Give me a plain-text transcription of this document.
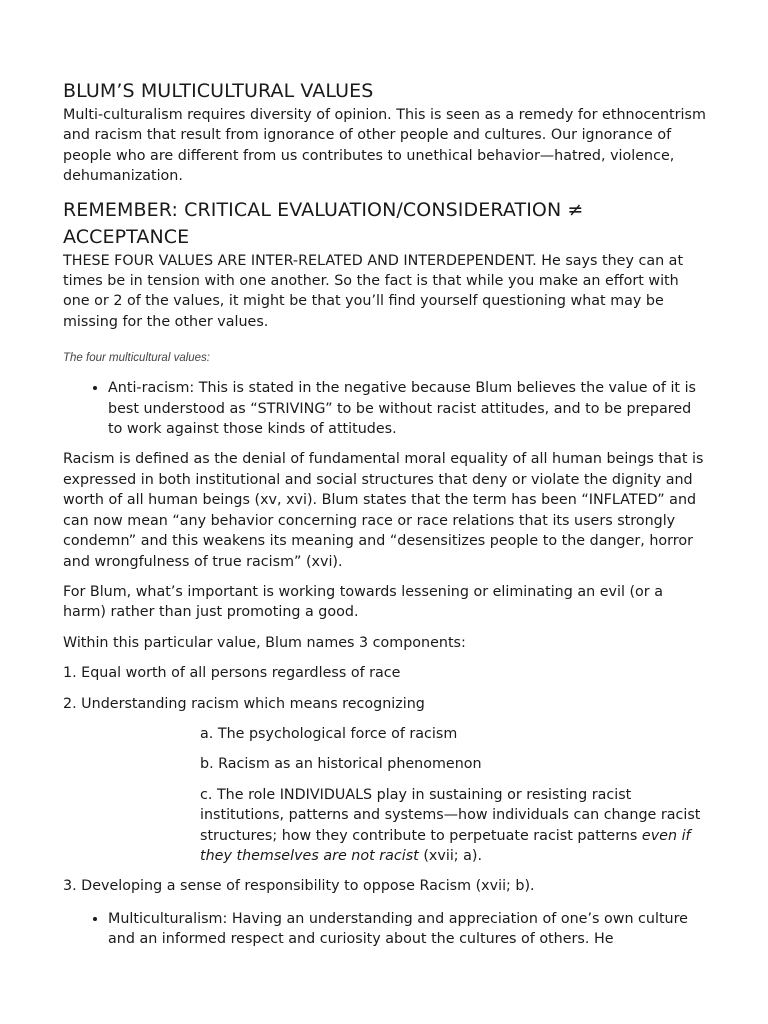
BLUM’S MULTICULTURAL VALUES

Multi-culturalism requires diversity of opinion. This is seen as a remedy for ethnocentrism and racism that result from ignorance of other people and cultures. Our ignorance of people who are different from us contributes to unethical behavior—hatred, violence, dehumanization.

REMEMBER: CRITICAL EVALUATION/CONSIDERATION ≠ ACCEPTANCE

THESE FOUR VALUES ARE INTER-RELATED AND INTERDEPENDENT. He says they can at times be in tension with one another. So the fact is that while you make an effort with one or 2 of the values, it might be that you’ll find yourself questioning what may be missing for the other values.

The four multicultural values:

• Anti-racism: This is stated in the negative because Blum believes the value of it is best understood as “STRIVING” to be without racist attitudes, and to be prepared to work against those kinds of attitudes.

Racism is defined as the denial of fundamental moral equality of all human beings that is expressed in both institutional and social structures that deny or violate the dignity and worth of all human beings (xv, xvi). Blum states that the term has been “INFLATED” and can now mean “any behavior concerning race or race relations that its users strongly condemn” and this weakens its meaning and “desensitizes people to the danger, horror and wrongfulness of true racism” (xvi).

For Blum, what’s important is working towards lessening or eliminating an evil (or a harm) rather than just promoting a good.

Within this particular value, Blum names 3 components:

1. Equal worth of all persons regardless of race

2. Understanding racism which means recognizing

a. The psychological force of racism

b. Racism as an historical phenomenon

c. The role INDIVIDUALS play in sustaining or resisting racist institutions, patterns and systems—how individuals can change racist structures; how they contribute to perpetuate racist patterns even if they themselves are not racist (xvii; a).

3. Developing a sense of responsibility to oppose Racism (xvii; b).

• Multiculturalism: Having an understanding and appreciation of one’s own culture and an informed respect and curiosity about the cultures of others. He
